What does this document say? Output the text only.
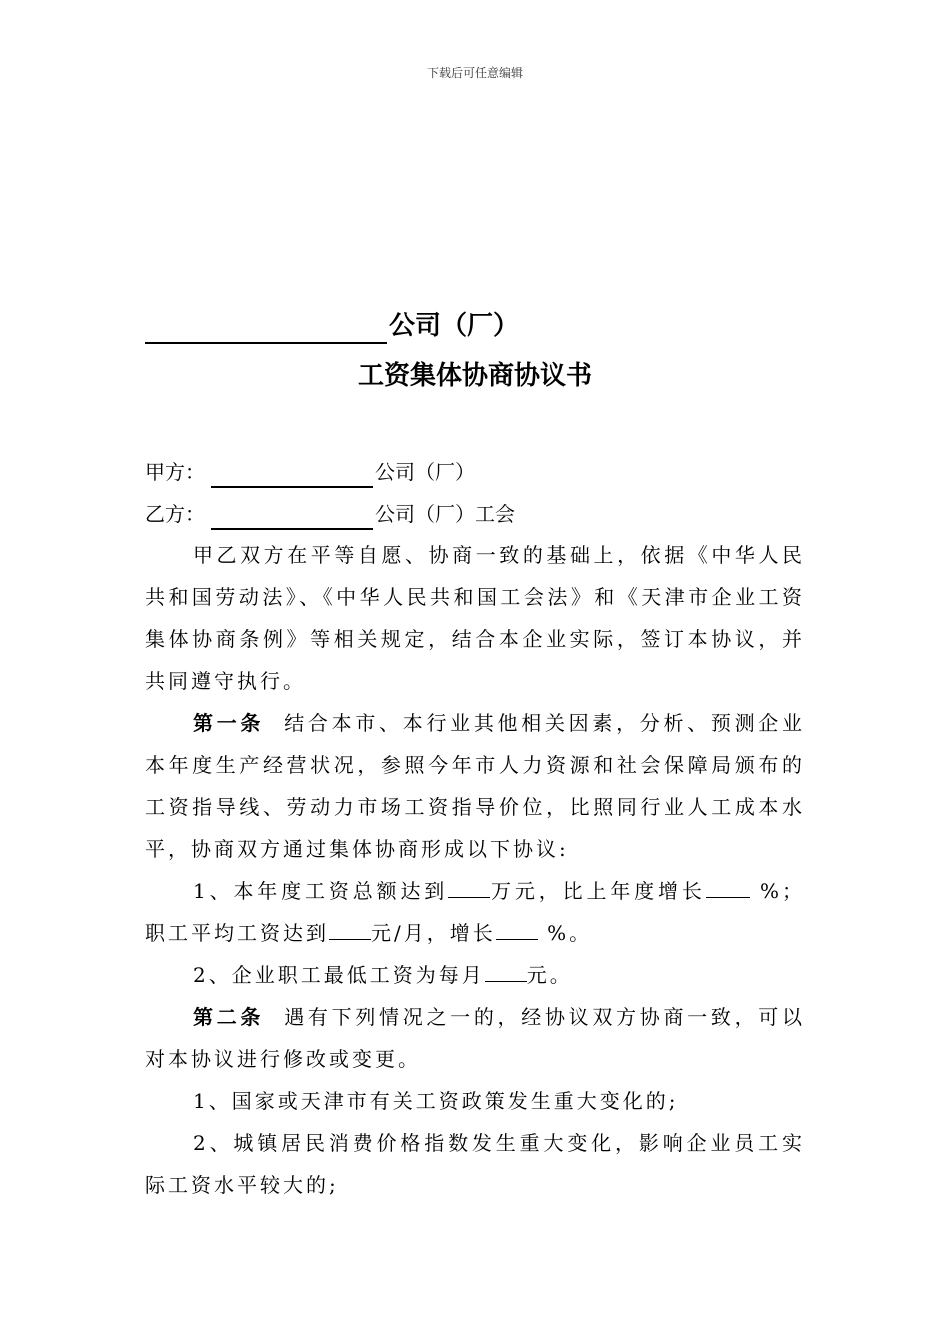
下载后可任意编辑
公司（厂）
工资集体协商协议书
甲方：	公司（厂）
乙方：	公司（厂）工会
甲乙双方在平等自愿、协商一致的基础上，依据《中华人民共和国劳动法》、《中华人民共和国工会法》和《天津市企业工资集体协商条例》等相关规定，结合本企业实际，签订本协议，并共同遵守执行。
第一条 结合本市、本行业其他相关因素，分析、预测企业本年度生产经营状况，参照今年市人力资源和社会保障局颁布的工资指导线、劳动力市场工资指导价位，比照同行业人工成本水平，协商双方通过集体协商形成以下协议:
1、本年度工资总额达到 万元，比上年度增长	%；职工平均工资达到 元/月，增长	%。
2、企业职工最低工资为每月 元。
第二条 遇有下列情况之一的，经协议双方协商一致，可以对本协议进行修改或变更。
1、国家或天津市有关工资政策发生重大变化的;
2、城镇居民消费价格指数发生重大变化，影响企业员工实际工资水平较大的;
